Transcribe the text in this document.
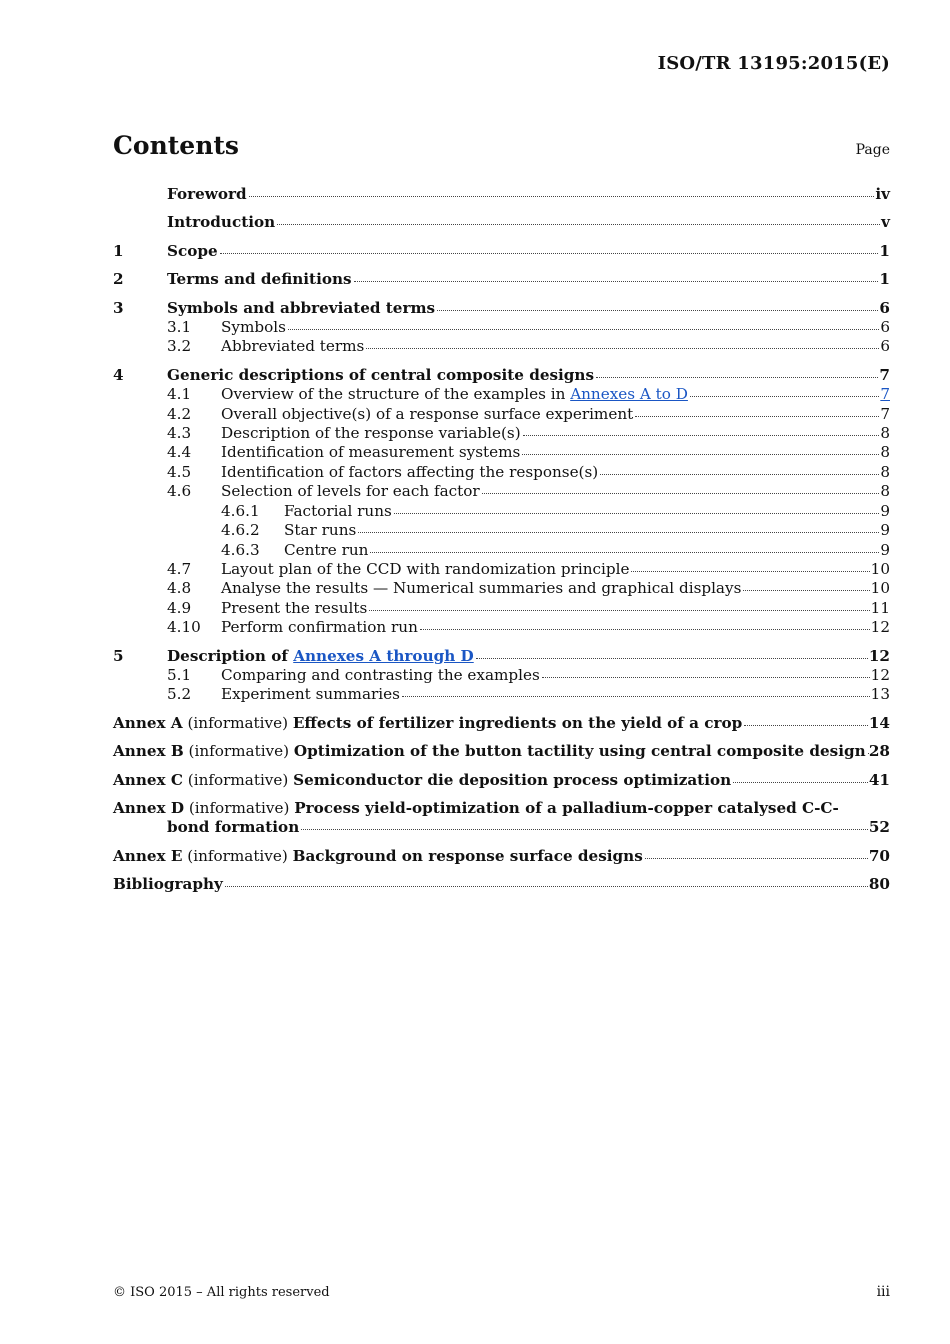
ISO/TR 13195:2015(E)
Contents	Page
Foreword	iv
Introduction	v
1	Scope	1
2	Terms and definitions	1
3	Symbols and abbreviated terms	6
3.1	Symbols	6
3.2	Abbreviated terms	6
4	Generic descriptions of central composite designs	7
4.1	Overview of the structure of the examples in Annexes A to D	7
4.2	Overall objective(s) of a response surface experiment	7
4.3	Description of the response variable(s)	8
4.4	Identification of measurement systems	8
4.5	Identification of factors affecting the response(s)	8
4.6	Selection of levels for each factor	8
4.6.1	Factorial runs	9
4.6.2	Star runs	9
4.6.3	Centre run	9
4.7	Layout plan of the CCD with randomization principle	10
4.8	Analyse the results — Numerical summaries and graphical displays	10
4.9	Present the results	11
4.10	Perform confirmation run	12
5	Description of Annexes A through D	12
5.1	Comparing and contrasting the examples	12
5.2	Experiment summaries	13
Annex A (informative) Effects of fertilizer ingredients on the yield of a crop	14
Annex B (informative) Optimization of the button tactility using central composite design 28
Annex C (informative) Semiconductor die deposition process optimization	41
Annex D (informative) Process yield-optimization of a palladium-copper catalysed C-C-
bond formation	52
Annex E (informative) Background on response surface designs	70
Bibliography	80
© ISO 2015 – All rights reserved	iii
